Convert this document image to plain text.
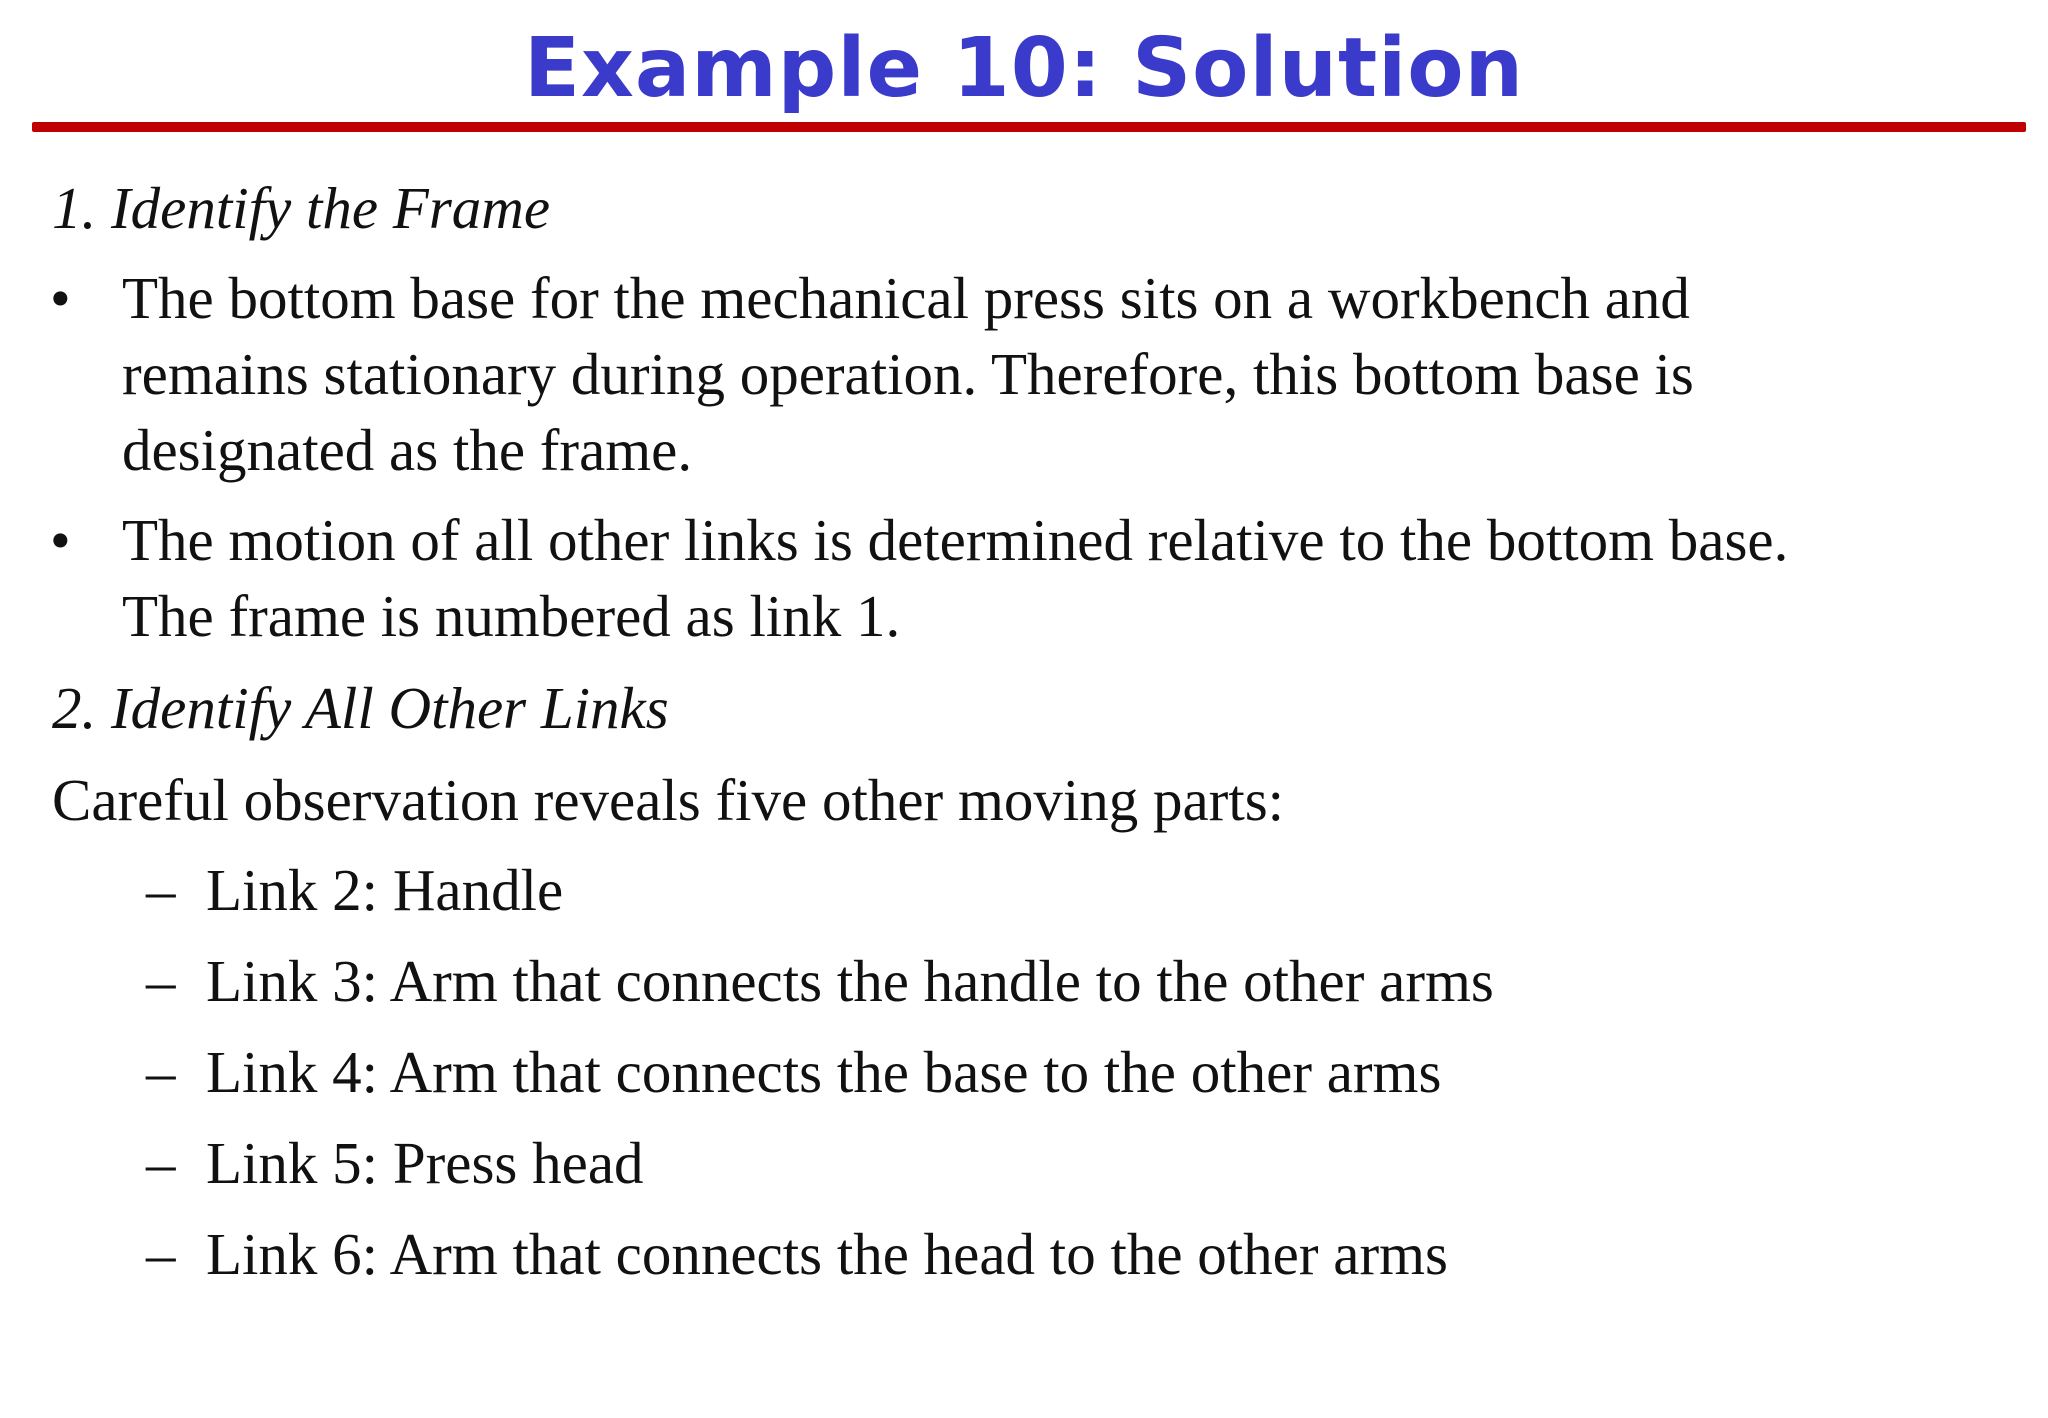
Example 10: Solution
1. Identify the Frame
• The bottom base for the mechanical press sits on a workbench and
remains stationary during operation. Therefore, this bottom base is
designated as the frame.
• The motion of all other links is determined relative to the bottom base.
The frame is numbered as link 1.
2. Identify All Other Links
Careful observation reveals five other moving parts:
– Link 2: Handle
– Link 3: Arm that connects the handle to the other arms
– Link 4: Arm that connects the base to the other arms
– Link 5: Press head
– Link 6: Arm that connects the head to the other arms
